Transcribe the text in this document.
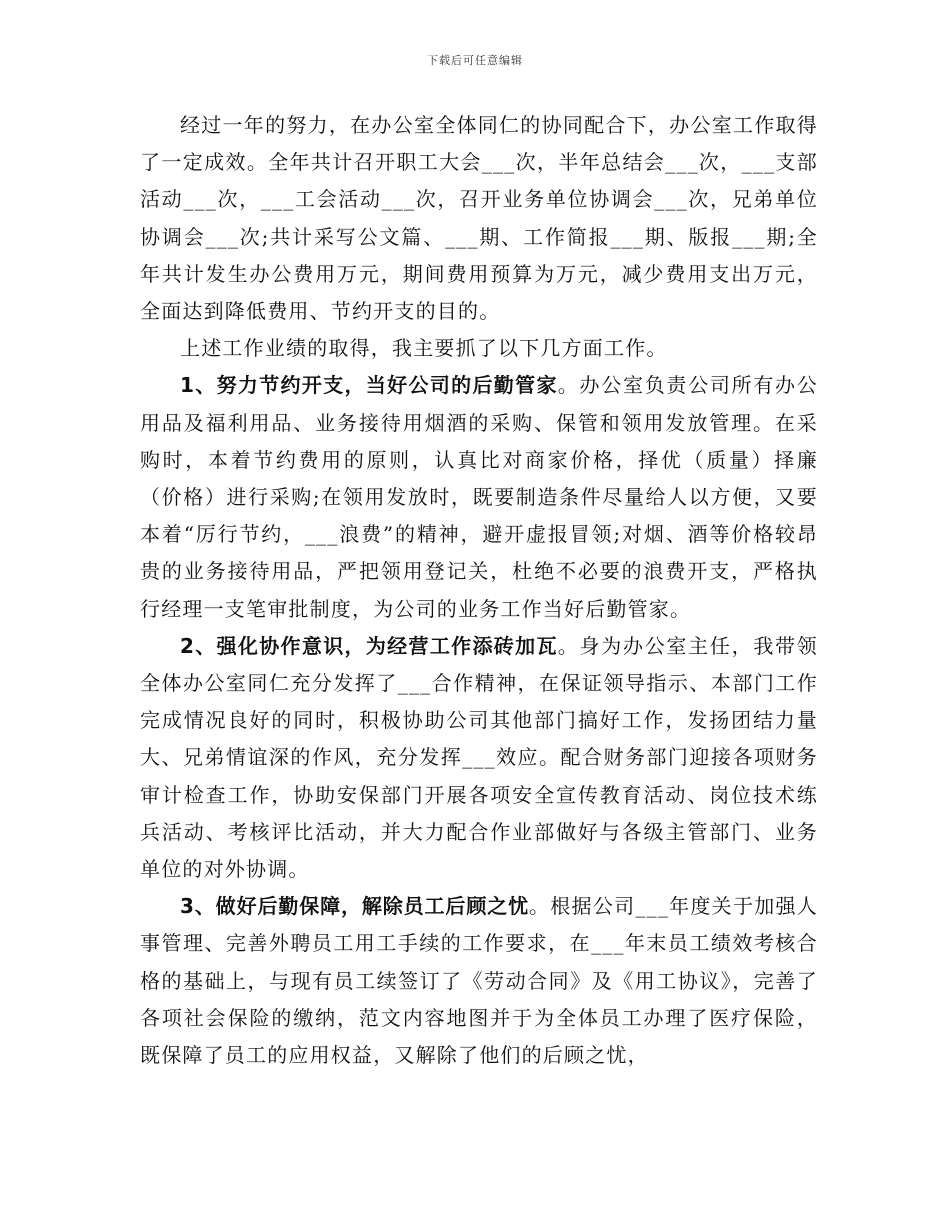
下载后可任意编辑

经过一年的努力，在办公室全体同仁的协同配合下，办公室工作取得了一定成效。全年共计召开职工大会___次，半年总结会___次，___支部活动___次，___工会活动___次，召开业务单位协调会___次，兄弟单位协调会___次;共计采写公文篇、___期、工作简报___期、版报___期;全年共计发生办公费用万元，期间费用预算为万元，减少费用支出万元，全面达到降低费用、节约开支的目的。

上述工作业绩的取得，我主要抓了以下几方面工作。

1、努力节约开支，当好公司的后勤管家。办公室负责公司所有办公用品及福利用品、业务接待用烟酒的采购、保管和领用发放管理。在采购时，本着节约费用的原则，认真比对商家价格，择优（质量）择廉（价格）进行采购;在领用发放时，既要制造条件尽量给人以方便，又要本着“厉行节约，___浪费”的精神，避开虚报冒领;对烟、酒等价格较昂贵的业务接待用品，严把领用登记关，杜绝不必要的浪费开支，严格执行经理一支笔审批制度，为公司的业务工作当好后勤管家。

2、强化协作意识，为经营工作添砖加瓦。身为办公室主任，我带领全体办公室同仁充分发挥了___合作精神，在保证领导指示、本部门工作完成情况良好的同时，积极协助公司其他部门搞好工作，发扬团结力量大、兄弟情谊深的作风，充分发挥___效应。配合财务部门迎接各项财务审计检查工作，协助安保部门开展各项安全宣传教育活动、岗位技术练兵活动、考核评比活动，并大力配合作业部做好与各级主管部门、业务单位的对外协调。

3、做好后勤保障，解除员工后顾之忧。根据公司___年度关于加强人事管理、完善外聘员工用工手续的工作要求，在___年末员工绩效考核合格的基础上，与现有员工续签订了《劳动合同》及《用工协议》，完善了各项社会保险的缴纳，范文内容地图并于为全体员工办理了医疗保险，既保障了员工的应用权益，又解除了他们的后顾之忧，
